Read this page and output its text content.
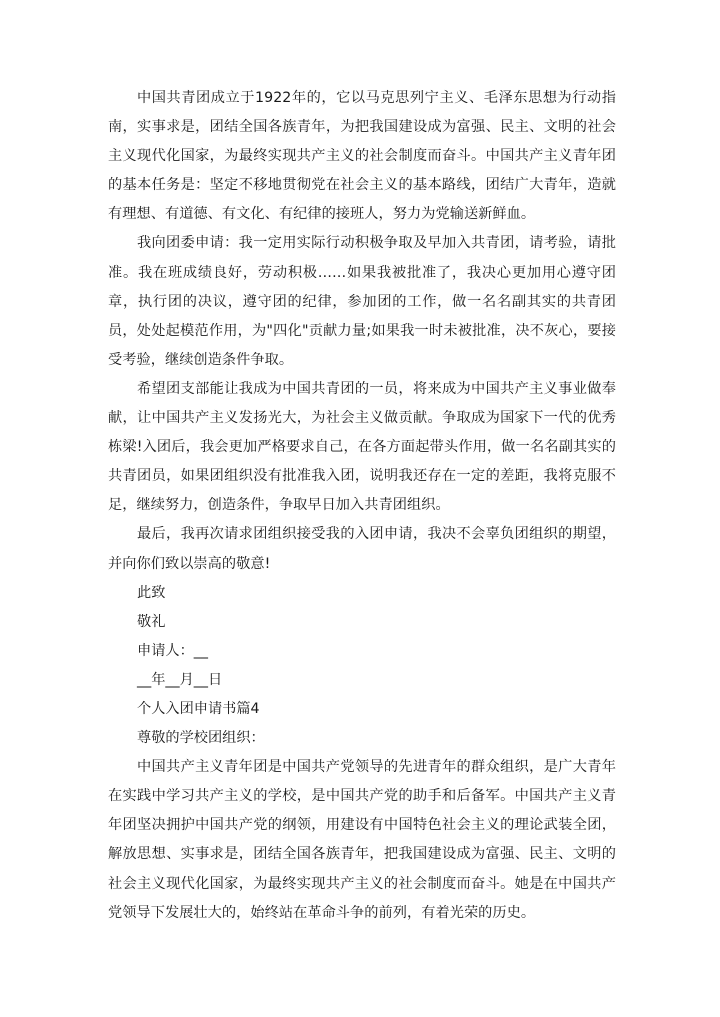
中国共青团成立于1922年的，它以马克思列宁主义、毛泽东思想为行动指南，实事求是，团结全国各族青年，为把我国建设成为富强、民主、文明的社会主义现代化国家，为最终实现共产主义的社会制度而奋斗。中国共产主义青年团的基本任务是：坚定不移地贯彻党在社会主义的基本路线，团结广大青年，造就有理想、有道德、有文化、有纪律的接班人，努力为党输送新鲜血。

我向团委申请：我一定用实际行动积极争取及早加入共青团，请考验，请批准。我在班成绩良好，劳动积极……如果我被批准了，我决心更加用心遵守团章，执行团的决议，遵守团的纪律，参加团的工作，做一名名副其实的共青团员，处处起模范作用，为"四化"贡献力量;如果我一时未被批准，决不灰心，要接受考验，继续创造条件争取。

希望团支部能让我成为中国共青团的一员，将来成为中国共产主义事业做奉献，让中国共产主义发扬光大，为社会主义做贡献。争取成为国家下一代的优秀栋梁!入团后，我会更加严格要求自己，在各方面起带头作用，做一名名副其实的共青团员，如果团组织没有批准我入团，说明我还存在一定的差距，我将克服不足，继续努力，创造条件，争取早日加入共青团组织。

最后，我再次请求团组织接受我的入团申请，我决不会辜负团组织的期望，并向你们致以崇高的敬意!

此致

敬礼

申请人：__

__年__月__日

个人入团申请书篇4

尊敬的学校团组织：

中国共产主义青年团是中国共产党领导的先进青年的群众组织，是广大青年在实践中学习共产主义的学校，是中国共产党的助手和后备军。中国共产主义青年团坚决拥护中国共产党的纲领，用建设有中国特色社会主义的理论武装全团，解放思想、实事求是，团结全国各族青年，把我国建设成为富强、民主、文明的社会主义现代化国家，为最终实现共产主义的社会制度而奋斗。她是在中国共产党领导下发展壮大的，始终站在革命斗争的前列，有着光荣的历史。
